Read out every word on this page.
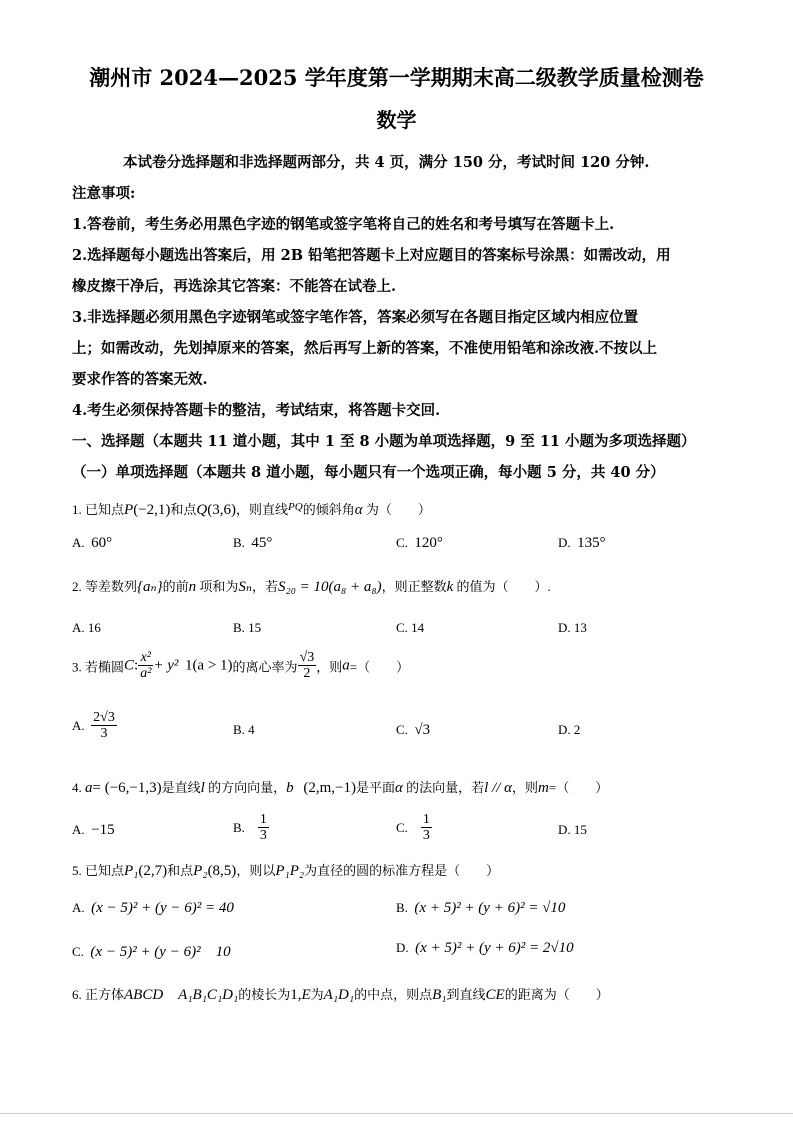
潮州市 2024—2025 学年度第一学期期末高二级教学质量检测卷
数学
本试卷分选择题和非选择题两部分，共 4 页，满分 150 分，考试时间 120 分钟.
注意事项:
1.答卷前，考生务必用黑色字迹的钢笔或签字笔将自己的姓名和考号填写在答题卡上.
2.选择题每小题选出答案后，用 2B 铅笔把答题卡上对应题目的答案标号涂黑：如需改动，用
橡皮擦干净后，再选涂其它答案：不能答在试卷上.
3.非选择题必须用黑色字迹钢笔或签字笔作答，答案必须写在各题目指定区域内相应位置
上；如需改动，先划掉原来的答案，然后再写上新的答案，不准使用铅笔和涂改液.不按以上
要求作答的答案无效.
4.考生必须保持答题卡的整洁，考试结束，将答题卡交回.
一、选择题（本题共 11 道小题，其中 1 至 8 小题为单项选择题，9 至 11 小题为多项选择题）
（一）单项选择题（本题共 8 道小题，每小题只有一个选项正确，每小题 5 分，共 40 分）
1. 已知点P(−2,1)和点Q(3,6)，则直线$^{PQ}$的倾斜角α 为（　　）
A. 60°	B. 45°	C. 120°	D. 135°
2. 等差数列{aₙ}的前n 项和为Sₙ，若S₂₀ = 10(a₈ + a₈)，则正整数k 的值为（　　）.
A. 16	B. 15	C. 14	D. 13
3. 若椭圆C: $\frac{\text{x²}}{\text{a²}} + y^2$ 1(a > 1)的离心率为 $\frac{√3}{2}$ ，则a=（　　）
A. $\frac{2√3}{3}$	B. 4	C. √3	D. 2
4. a= (−6,−1,3)是直线l 的方向向量，b (2,m,−1)是平面α 的法向量，若l // α，则m=（　　）
A. −15	B. $\frac{1}{3}$	C. $\frac{1}{3}$	D. 15
5. 已知点P₁(2,7)和点P₂(8,5)，则以P₁P₂为直径的圆的标准方程是（　　）
A. (x − 5)² + (y − 6)² = 40	B. (x + 5)² + (y + 6)² = √10
C. (x − 5)² + (y − 6)²　10	D. (x + 5)² + (y + 6)² = 2√10
6. 正方体ABCD　A₁B₁C₁D₁的棱长为1,E为A₁D₁的中点，则点B₁到直线CE的距离为（　　）
